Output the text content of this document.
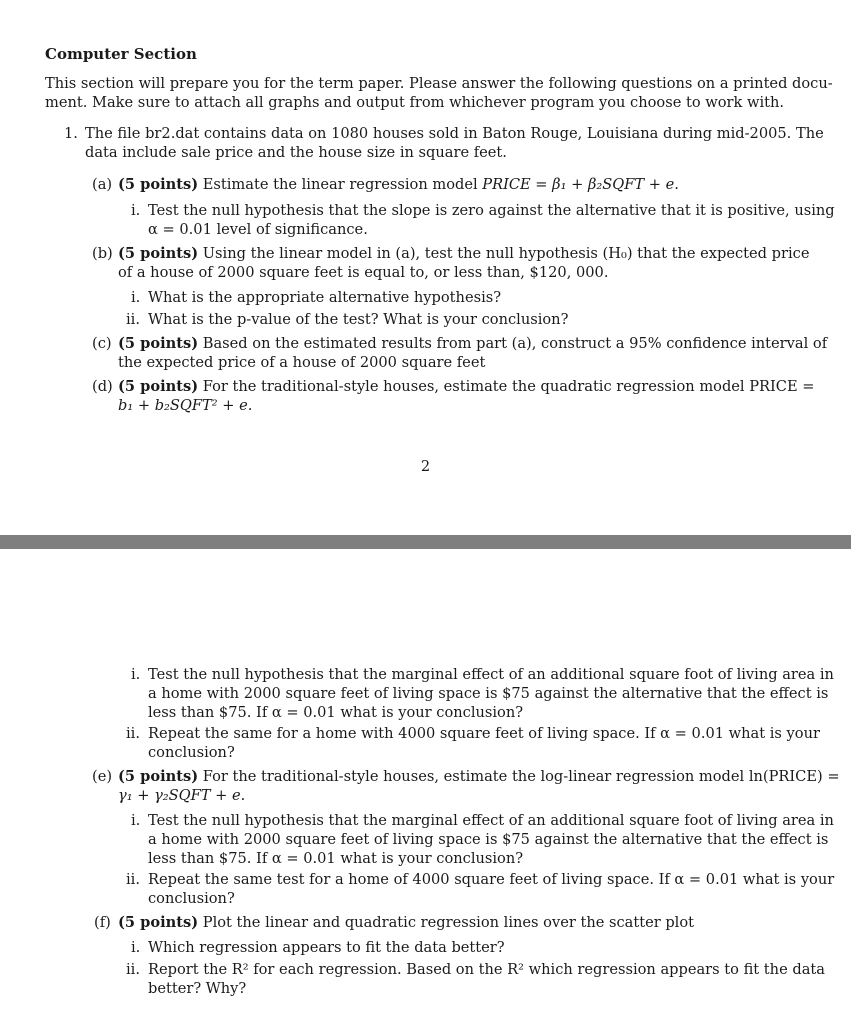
Computer Section
This section will prepare you for the term paper. Please answer the following questions on a printed docu-
ment. Make sure to attach all graphs and output from whichever program you choose to work with.
1. The file br2.dat contains data on 1080 houses sold in Baton Rouge, Louisiana during mid-2005. The
data include sale price and the house size in square feet.
(a) (5 points) Estimate the linear regression model PRICE = β₁ + β₂SQFT + e.
i. Test the null hypothesis that the slope is zero against the alternative that it is positive, using
α = 0.01 level of significance.
(b) (5 points) Using the linear model in (a), test the null hypothesis (H₀) that the expected price
of a house of 2000 square feet is equal to, or less than, $120, 000.
i. What is the appropriate alternative hypothesis?
ii. What is the p-value of the test? What is your conclusion?
(c) (5 points) Based on the estimated results from part (a), construct a 95% confidence interval of
the expected price of a house of 2000 square feet
(d) (5 points) For the traditional-style houses, estimate the quadratic regression model PRICE =
b₁ + b₂SQFT² + e.
2
i. Test the null hypothesis that the marginal effect of an additional square foot of living area in
a home with 2000 square feet of living space is $75 against the alternative that the effect is
less than $75. If α = 0.01 what is your conclusion?
ii. Repeat the same for a home with 4000 square feet of living space. If α = 0.01 what is your
conclusion?
(e) (5 points) For the traditional-style houses, estimate the log-linear regression model ln(PRICE) =
γ₁ + γ₂SQFT + e.
i. Test the null hypothesis that the marginal effect of an additional square foot of living area in
a home with 2000 square feet of living space is $75 against the alternative that the effect is
less than $75. If α = 0.01 what is your conclusion?
ii. Repeat the same test for a home of 4000 square feet of living space. If α = 0.01 what is your
conclusion?
(f) (5 points) Plot the linear and quadratic regression lines over the scatter plot
i. Which regression appears to fit the data better?
ii. Report the R² for each regression. Based on the R² which regression appears to fit the data
better? Why?
